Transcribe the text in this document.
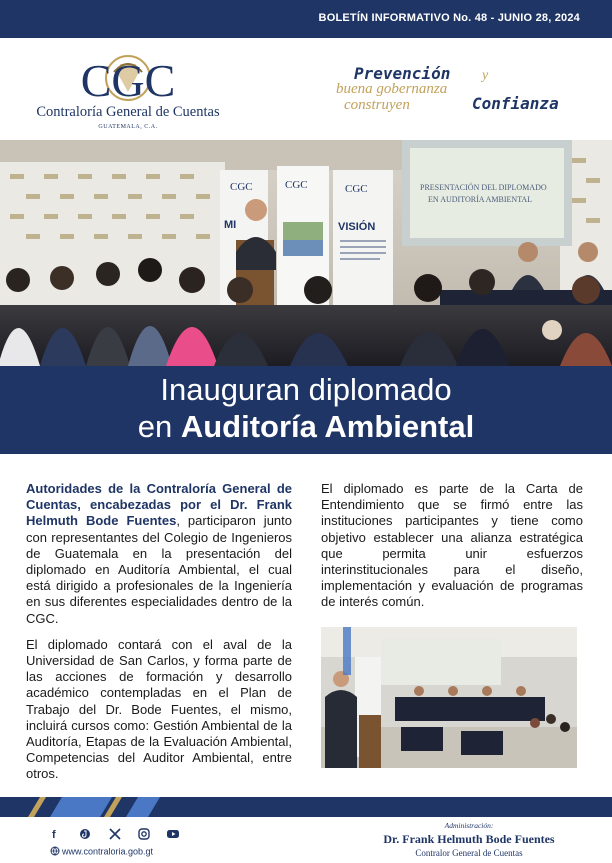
BOLETÍN INFORMATIVO No. 48 - JUNIO 28, 2024
CGC
Contraloría General de Cuentas
GUATEMALA, C.A.
Prevención y
buena gobernanza
construyen	Confianza
MI
CGC	CGC	CGC
VISIÓN
PRESENTACIÓN DEL DIPLOMADO
EN AUDITORÍA AMBIENTAL
Inauguran diplomado
en Auditoría Ambiental

Autoridades de la Contraloría General de Cuentas, encabezadas por el Dr. Frank Helmuth Bode Fuentes, participaron junto con representantes del Colegio de Ingenieros de Guatemala en la presentación del diplomado en Auditoría Ambiental, el cual está dirigido a profesionales de la Ingeniería en sus diferentes especialidades dentro de la CGC.

El diplomado contará con el aval de la Universidad de San Carlos, y forma parte de las acciones de formación y desarrollo académico contempladas en el Plan de Trabajo del Dr. Bode Fuentes, el mismo, incluirá cursos como: Gestión Ambiental de la Auditoría, Etapas de la Evaluación Ambiental, Competencias del Auditor Ambiental, entre otros.

El diplomado es parte de la Carta de Entendimiento que se firmó entre las instituciones participantes y tiene como objetivo establecer una alianza estratégica que permita unir esfuerzos interinstitucionales para el diseño, implementación y evaluación de programas de interés común.

f
www.contraloria.gob.gt
Administración:
Dr. Frank Helmuth Bode Fuentes
Contralor General de Cuentas
